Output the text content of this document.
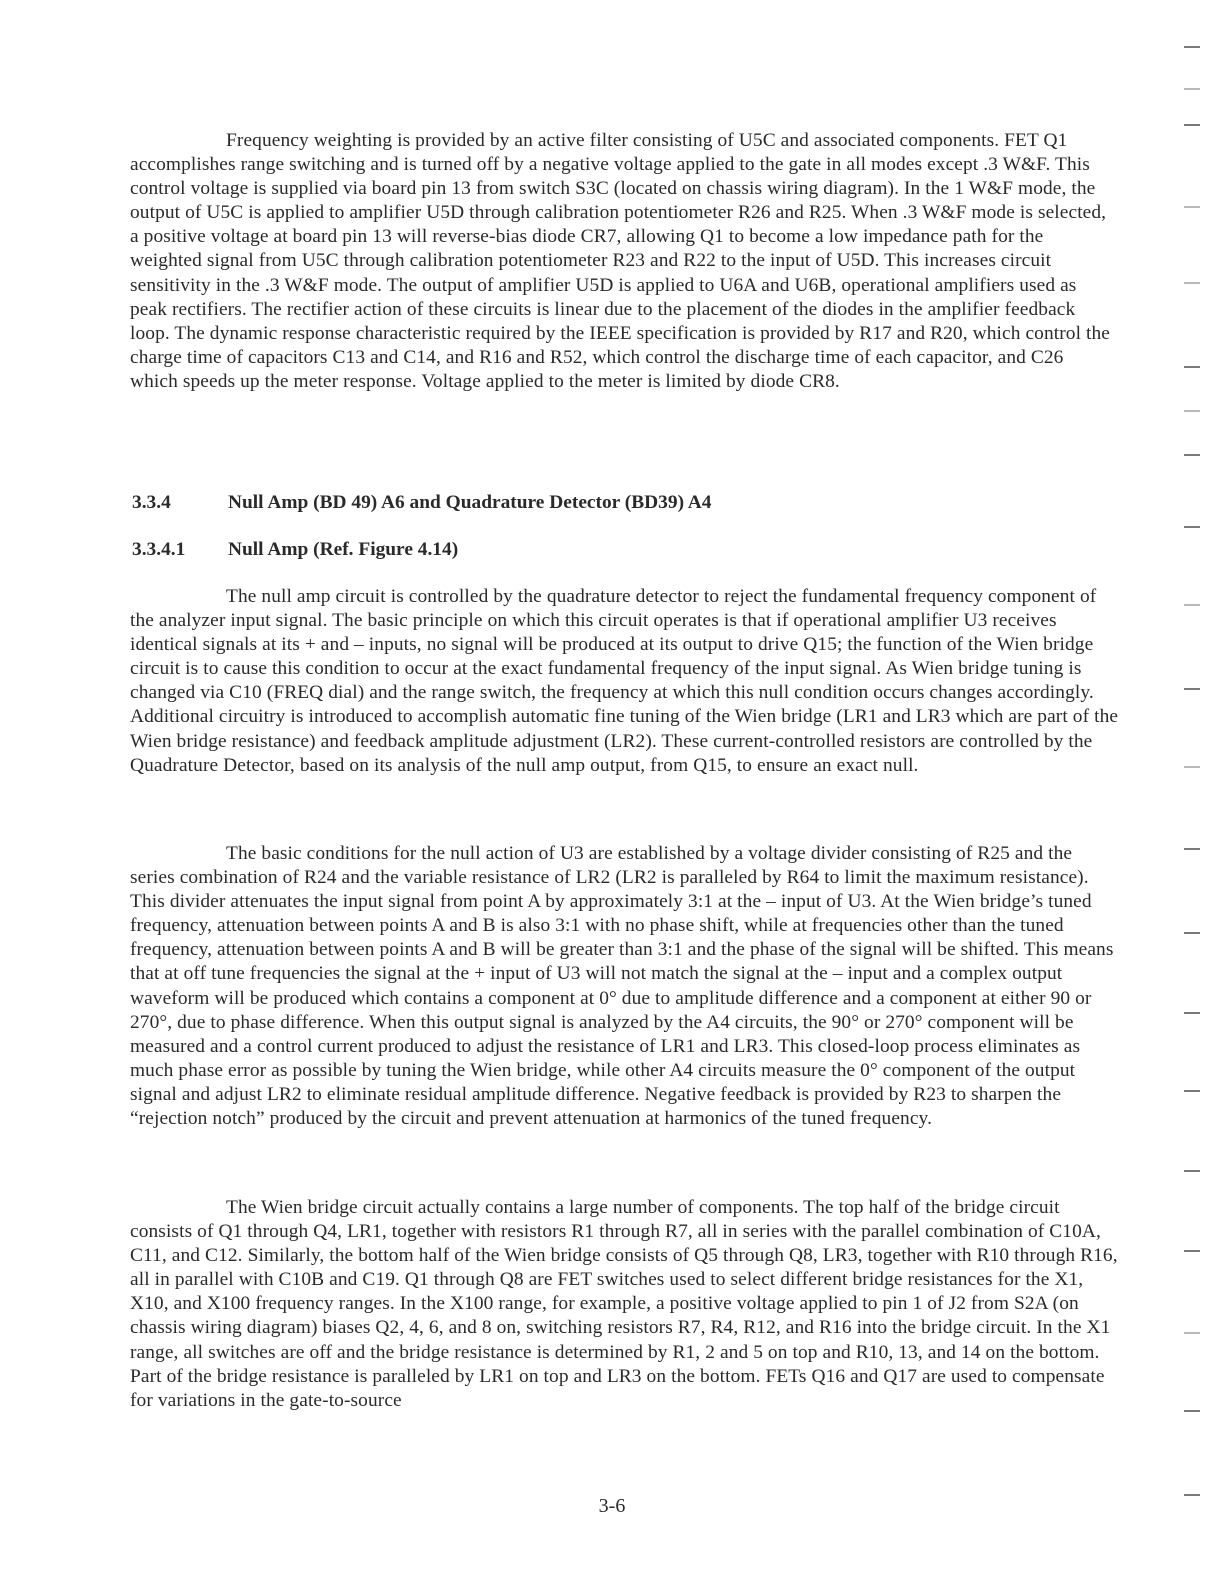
Frequency weighting is provided by an active filter consisting of U5C and associated components. FET Q1 accomplishes range switching and is turned off by a negative voltage applied to the gate in all modes except .3 W&F. This control voltage is supplied via board pin 13 from switch S3C (located on chassis wiring diagram). In the 1 W&F mode, the output of U5C is applied to amplifier U5D through calibration potentiometer R26 and R25. When .3 W&F mode is selected, a positive voltage at board pin 13 will reverse-bias diode CR7, allowing Q1 to become a low impedance path for the weighted signal from U5C through calibration potentiometer R23 and R22 to the input of U5D. This increases circuit sensitivity in the .3 W&F mode. The output of amplifier U5D is applied to U6A and U6B, operational amplifiers used as peak rectifiers. The rectifier action of these circuits is linear due to the placement of the diodes in the amplifier feedback loop. The dynamic response characteristic required by the IEEE specification is provided by R17 and R20, which control the charge time of capacitors C13 and C14, and R16 and R52, which control the discharge time of each capacitor, and C26 which speeds up the meter response. Voltage applied to the meter is limited by diode CR8.

3.3.4	Null Amp (BD 49) A6 and Quadrature Detector (BD39) A4
3.3.4.1 Null Amp (Ref. Figure 4.14)

The null amp circuit is controlled by the quadrature detector to reject the fundamental frequency component of the analyzer input signal. The basic principle on which this circuit operates is that if operational amplifier U3 receives identical signals at its + and – inputs, no signal will be produced at its output to drive Q15; the function of the Wien bridge circuit is to cause this condition to occur at the exact fundamental frequency of the input signal. As Wien bridge tuning is changed via C10 (FREQ dial) and the range switch, the frequency at which this null condition occurs changes accordingly. Additional circuitry is introduced to accomplish automatic fine tuning of the Wien bridge (LR1 and LR3 which are part of the Wien bridge resistance) and feedback amplitude adjustment (LR2). These current-controlled resistors are controlled by the Quadrature Detector, based on its analysis of the null amp output, from Q15, to ensure an exact null.

The basic conditions for the null action of U3 are established by a voltage divider consisting of R25 and the series combination of R24 and the variable resistance of LR2 (LR2 is paralleled by R64 to limit the maximum resistance). This divider attenuates the input signal from point A by approximately 3:1 at the – input of U3. At the Wien bridge’s tuned frequency, attenuation between points A and B is also 3:1 with no phase shift, while at frequencies other than the tuned frequency, attenuation between points A and B will be greater than 3:1 and the phase of the signal will be shifted. This means that at off tune frequencies the signal at the + input of U3 will not match the signal at the – input and a complex output waveform will be produced which contains a component at 0° due to amplitude difference and a component at either 90 or 270°, due to phase difference. When this output signal is analyzed by the A4 circuits, the 90° or 270° component will be measured and a control current produced to adjust the resistance of LR1 and LR3. This closed-loop process eliminates as much phase error as possible by tuning the Wien bridge, while other A4 circuits measure the 0° component of the output signal and adjust LR2 to eliminate residual amplitude difference. Negative feedback is provided by R23 to sharpen the “rejection notch” produced by the circuit and prevent attenuation at harmonics of the tuned frequency.

The Wien bridge circuit actually contains a large number of components. The top half of the bridge circuit consists of Q1 through Q4, LR1, together with resistors R1 through R7, all in series with the parallel combination of C10A, C11, and C12. Similarly, the bottom half of the Wien bridge consists of Q5 through Q8, LR3, together with R10 through R16, all in parallel with C10B and C19. Q1 through Q8 are FET switches used to select different bridge resistances for the X1, X10, and X100 frequency ranges. In the X100 range, for example, a positive voltage applied to pin 1 of J2 from S2A (on chassis wiring diagram) biases Q2, 4, 6, and 8 on, switching resistors R7, R4, R12, and R16 into the bridge circuit. In the X1 range, all switches are off and the bridge resistance is determined by R1, 2 and 5 on top and R10, 13, and 14 on the bottom. Part of the bridge resistance is paralleled by LR1 on top and LR3 on the bottom. FETs Q16 and Q17 are used to compensate for variations in the gate-to-source

3-6
